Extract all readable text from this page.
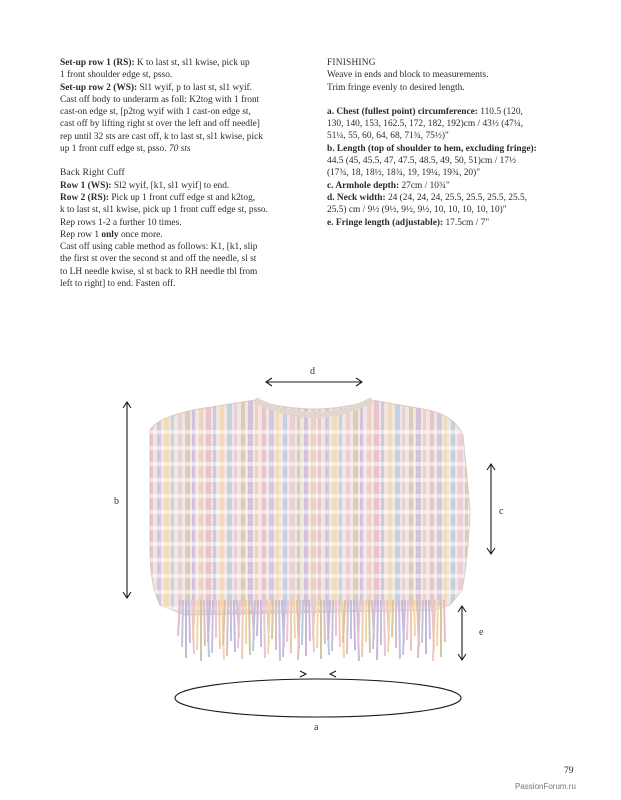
Set-up row 1 (RS): K to last st, sl1 kwise, pick up

1 front shoulder edge st, psso.

Set-up row 2 (WS): Sl1 wyif, p to last st, sl1 wyif.

Cast off body to underarm as foll: K2tog with 1 front

cast-on edge st, [p2tog wyif with 1 cast-on edge st,

cast off by lifting right st over the left and off needle]

rep until 32 sts are cast off, k to last st, sl1 kwise, pick

up 1 front cuff edge st, psso. 70 sts

Back Right Cuff

Row 1 (WS): Sl2 wyif, [k1, sl1 wyif] to end.

Row 2 (RS): Pick up 1 front cuff edge st and k2tog,

k to last st, sl1 kwise, pick up 1 front cuff edge st, psso.

Rep rows 1-2 a further 10 times.

Rep row 1 only once more.

Cast off using cable method as follows: K1, [k1, slip

the first st over the second st and off the needle, sl st

to LH needle kwise, sl st back to RH needle tbl from

left to right] to end. Fasten off.

FINISHING

Weave in ends and block to measurements.

Trim fringe evenly to desired length.

a. Chest (fullest point) circumference: 110.5 (120,

130, 140, 153, 162.5, 172, 182, 192)cm / 43½ (47¼,

51¼, 55, 60, 64, 68, 71¾, 75½)"

b. Length (top of shoulder to hem, excluding fringe):

44.5 (45, 45.5, 47, 47.5, 48.5, 49, 50, 51)cm / 17½

(17¾, 18, 18½, 18¾, 19, 19¼, 19¾, 20)"

c. Armhole depth: 27cm / 10¾"

d. Neck width: 24 (24, 24, 24, 25.5, 25.5, 25.5, 25.5,

25.5) cm / 9½ (9½, 9½, 9½, 10, 10, 10, 10, 10)"

e. Fringe length (adjustable): 17.5cm / 7"

d
b
c
e
a
79
PassionForum.ru
